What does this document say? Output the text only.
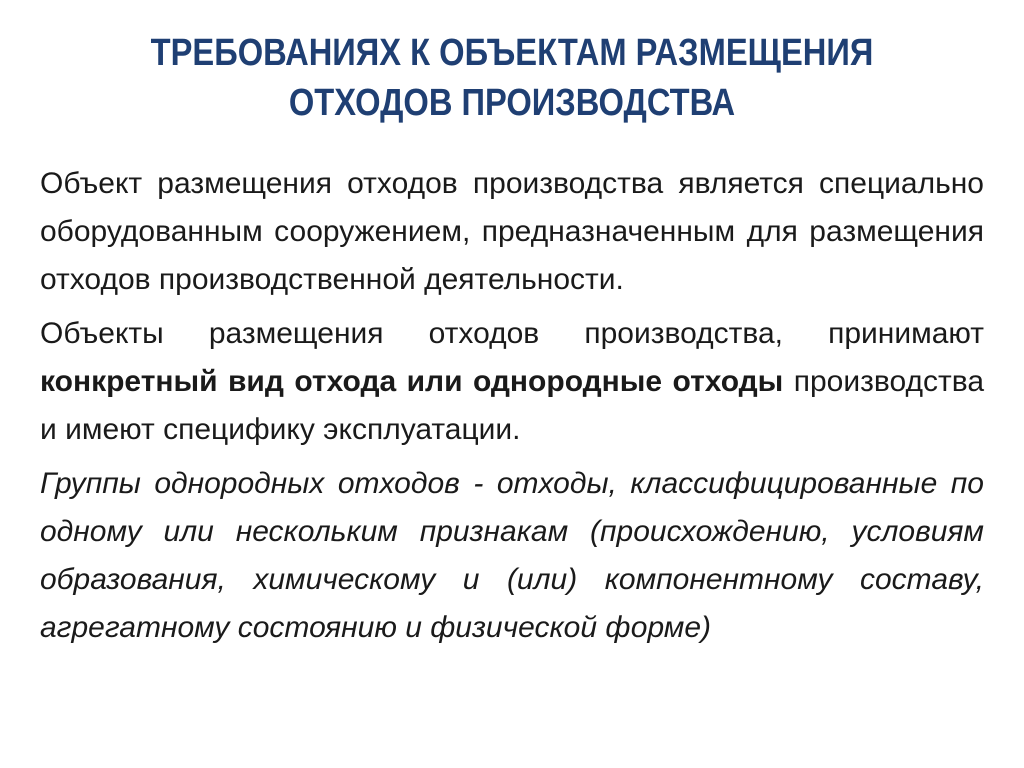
ТРЕБОВАНИЯХ К ОБЪЕКТАМ РАЗМЕЩЕНИЯ
ОТХОДОВ ПРОИЗВОДСТВА

Объект размещения отходов производства является специально оборудованным сооружением, предназначенным для размещения отходов производственной деятельности.

Объекты размещения отходов производства, принимают конкретный вид отхода или однородные отходы производства и имеют специфику эксплуатации.

Группы однородных отходов - отходы, классифицированные по одному или нескольким признакам (происхождению, условиям образования, химическому и (или) компонентному составу, агрегатному состоянию и физической форме)
